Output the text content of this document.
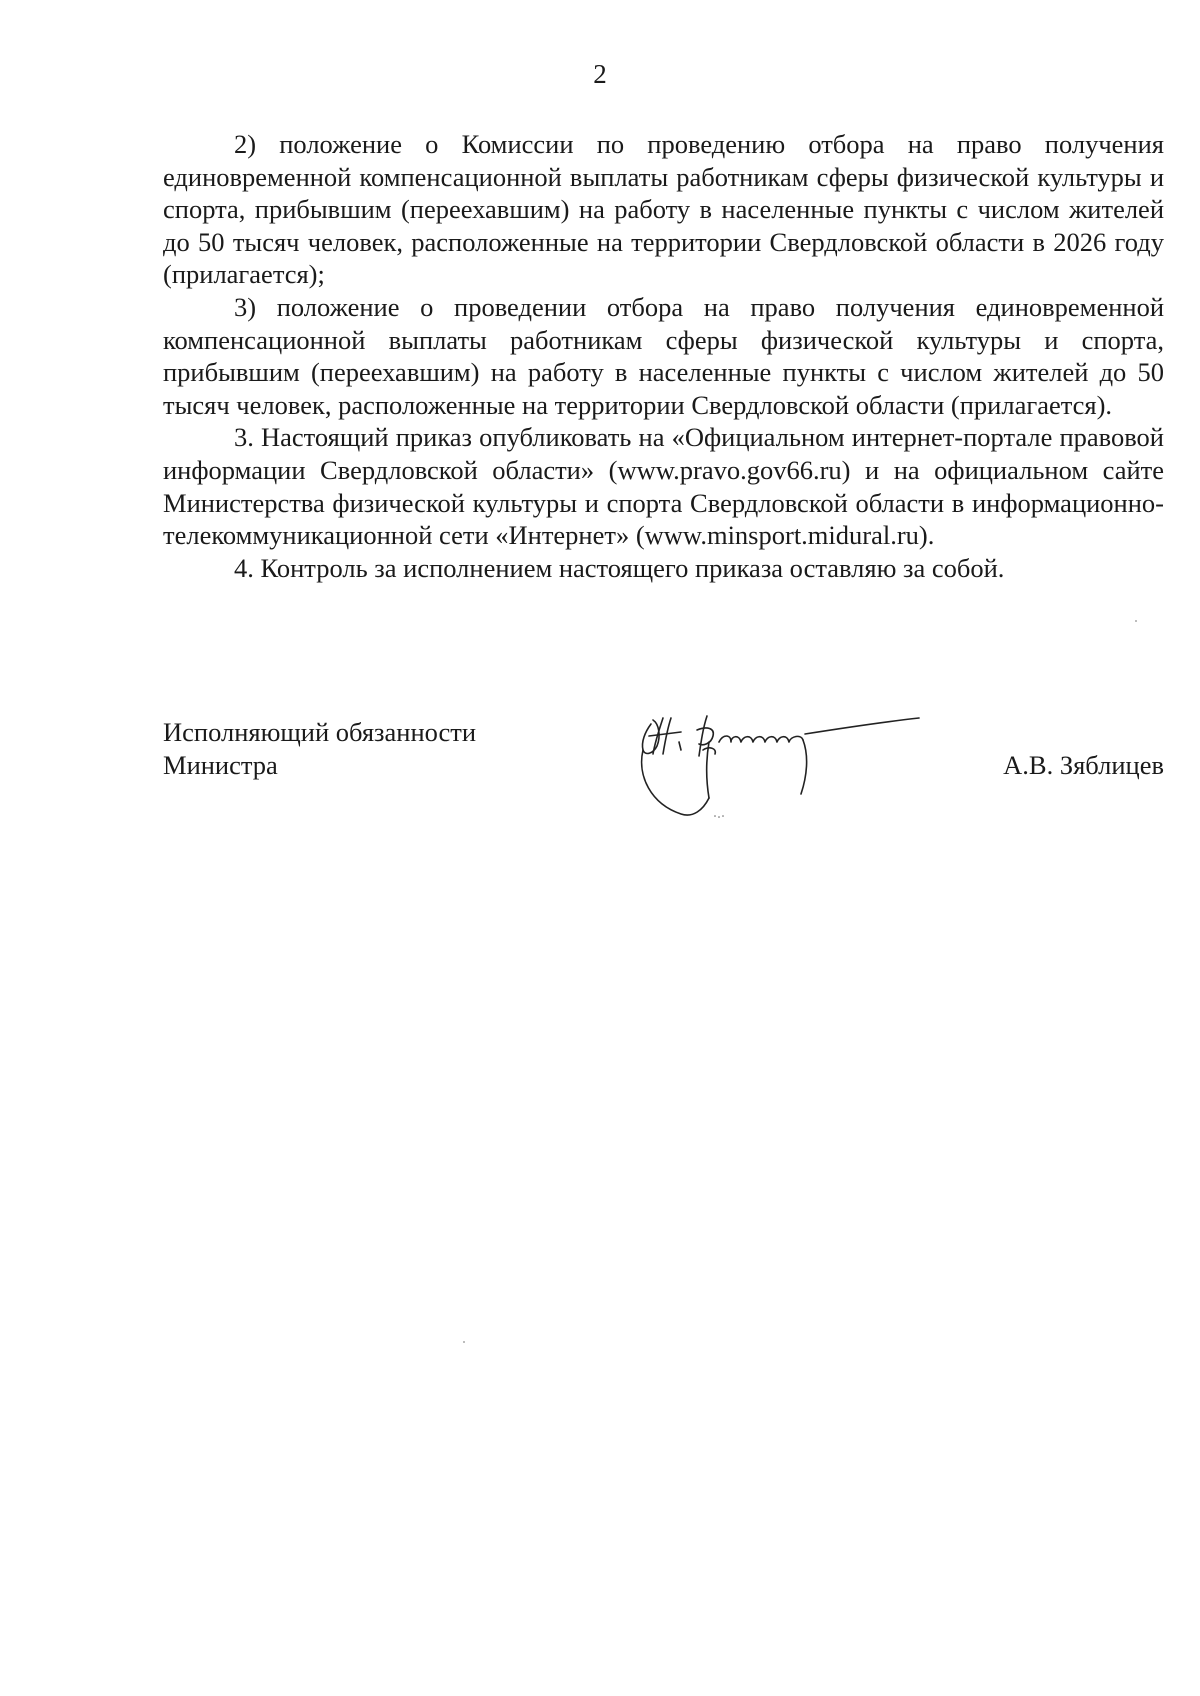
2

2) положение о Комиссии по проведению отбора на право получения единовременной компенсационной выплаты работникам сферы физической культуры и спорта, прибывшим (переехавшим) на работу в населенные пункты с числом жителей до 50 тысяч человек, расположенные на территории Свердловской области в 2026 году (прилагается);

3) положение о проведении отбора на право получения единовременной компенсационной выплаты работникам сферы физической культуры и спорта, прибывшим (переехавшим) на работу в населенные пункты с числом жителей до 50 тысяч человек, расположенные на территории Свердловской области (прилагается).

3. Настоящий приказ опубликовать на «Официальном интернет-портале правовой информации Свердловской области» (www.pravo.gov66.ru) и на официальном сайте Министерства физической культуры и спорта Свердловской области в информационно-телекоммуникационной сети «Интернет» (www.minsport.midural.ru).

4. Контроль за исполнением настоящего приказа оставляю за собой.

Исполняющий обязанности
Министра	А.В. Зяблицев
